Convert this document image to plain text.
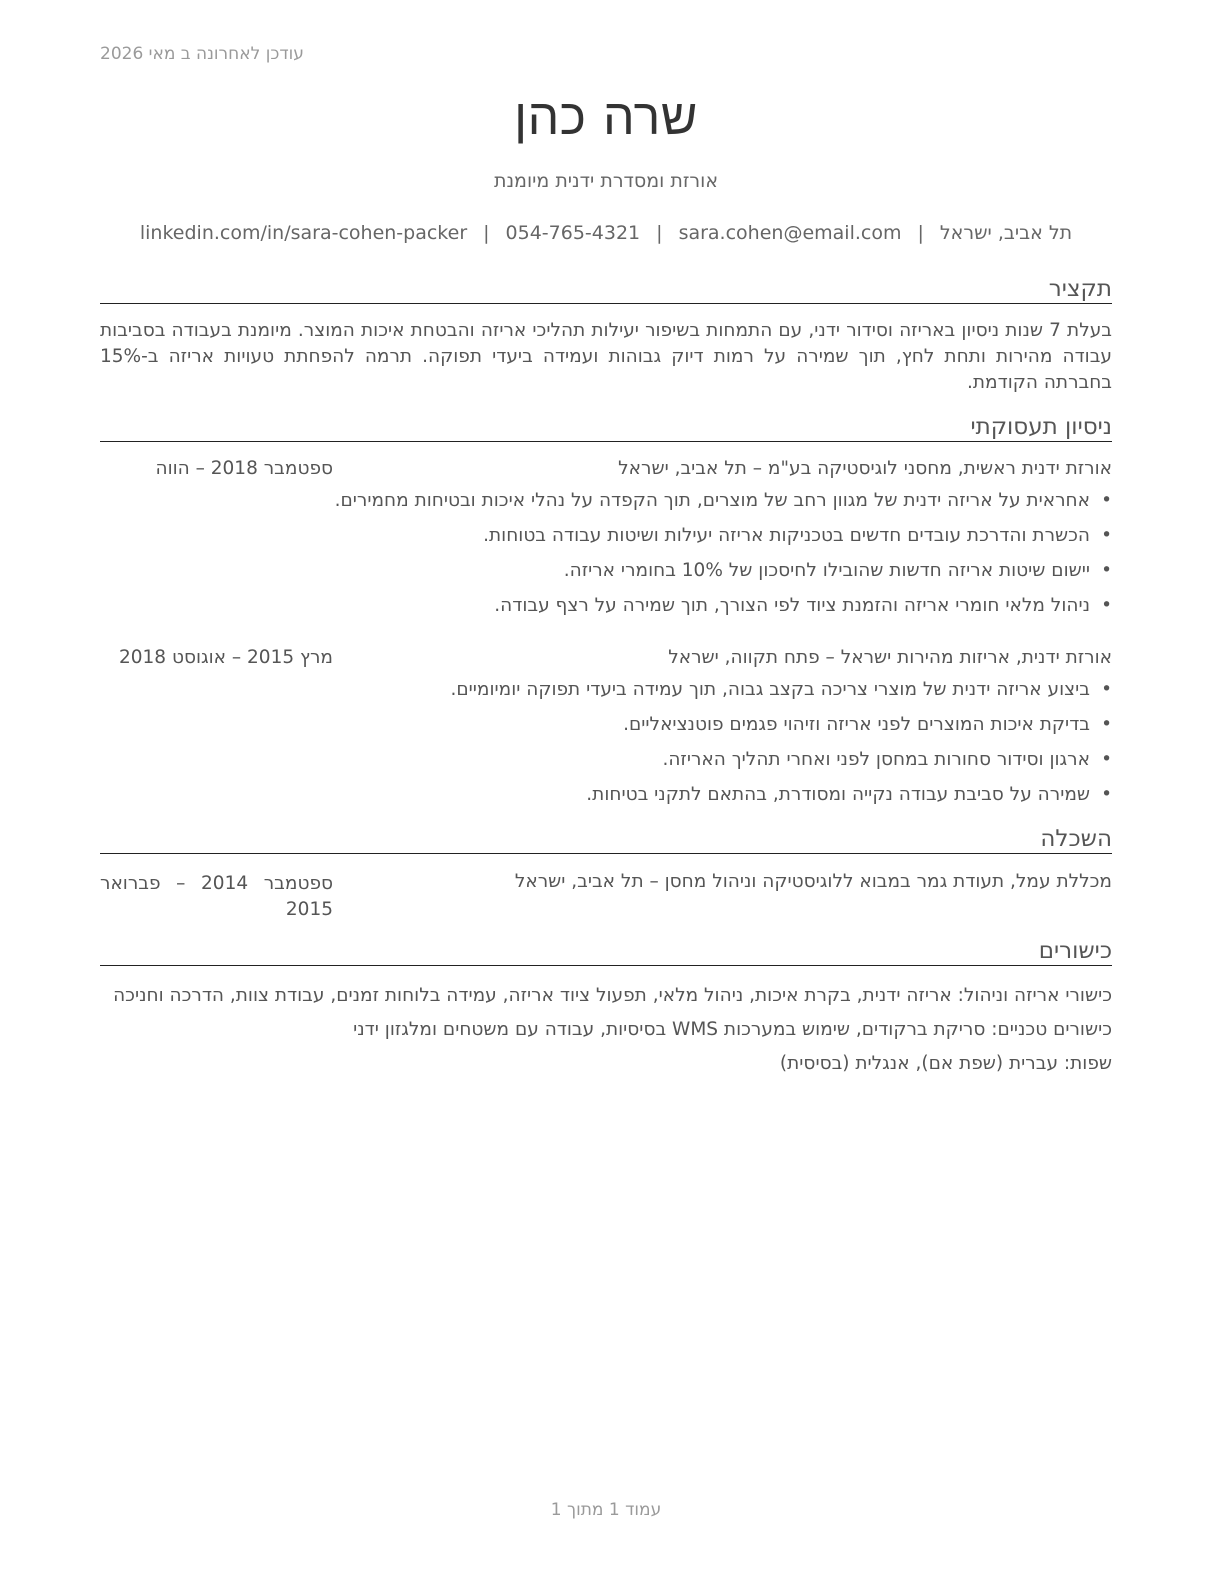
עודכן לאחרונה ב מאי 2026
שרה כהן
אורזת ומסדרת ידנית מיומנת
תל אביב, ישראל|sara.cohen@email.com|054-765-4321|linkedin.com/in/sara-cohen-packer
תקציר
בעלת 7 שנות ניסיון באריזה וסידור ידני, עם התמחות בשיפור יעילות תהליכי אריזה והבטחת איכות המוצר. מיומנת בעבודה בסביבות עבודה מהירות ותחת לחץ, תוך שמירה על רמות דיוק גבוהות ועמידה ביעדי תפוקה. תרמה להפחתת טעויות אריזה ב-15% בחברתה הקודמת.
ניסיון תעסוקתי
אורזת ידנית ראשית, מחסני לוגיסטיקה בע"מ – תל אביב, ישראל
ספטמבר 2018 – הווה
•אחראית על אריזה ידנית של מגוון רחב של מוצרים, תוך הקפדה על נהלי איכות ובטיחות מחמירים.
•הכשרת והדרכת עובדים חדשים בטכניקות אריזה יעילות ושיטות עבודה בטוחות.
•יישום שיטות אריזה חדשות שהובילו לחיסכון של 10% בחומרי אריזה.
•ניהול מלאי חומרי אריזה והזמנת ציוד לפי הצורך, תוך שמירה על רצף עבודה.
אורזת ידנית, אריזות מהירות ישראל – פתח תקווה, ישראל
מרץ 2015 – אוגוסט 2018
•ביצוע אריזה ידנית של מוצרי צריכה בקצב גבוה, תוך עמידה ביעדי תפוקה יומיומיים.
•בדיקת איכות המוצרים לפני אריזה וזיהוי פגמים פוטנציאליים.
•ארגון וסידור סחורות במחסן לפני ואחרי תהליך האריזה.
•שמירה על סביבת עבודה נקייה ומסודרת, בהתאם לתקני בטיחות.
השכלה
מכללת עמל, תעודת גמר במבוא ללוגיסטיקה וניהול מחסן – תל אביב, ישראל
ספטמבר 2014 – פברואר 2015
כישורים
כישורי אריזה וניהול: אריזה ידנית, בקרת איכות, ניהול מלאי, תפעול ציוד אריזה, עמידה בלוחות זמנים, עבודת צוות, הדרכה וחניכה
כישורים טכניים: סריקת ברקודים, שימוש במערכות WMS בסיסיות, עבודה עם משטחים ומלגזון ידני
שפות: עברית (שפת אם), אנגלית (בסיסית)
עמוד 1 מתוך 1
